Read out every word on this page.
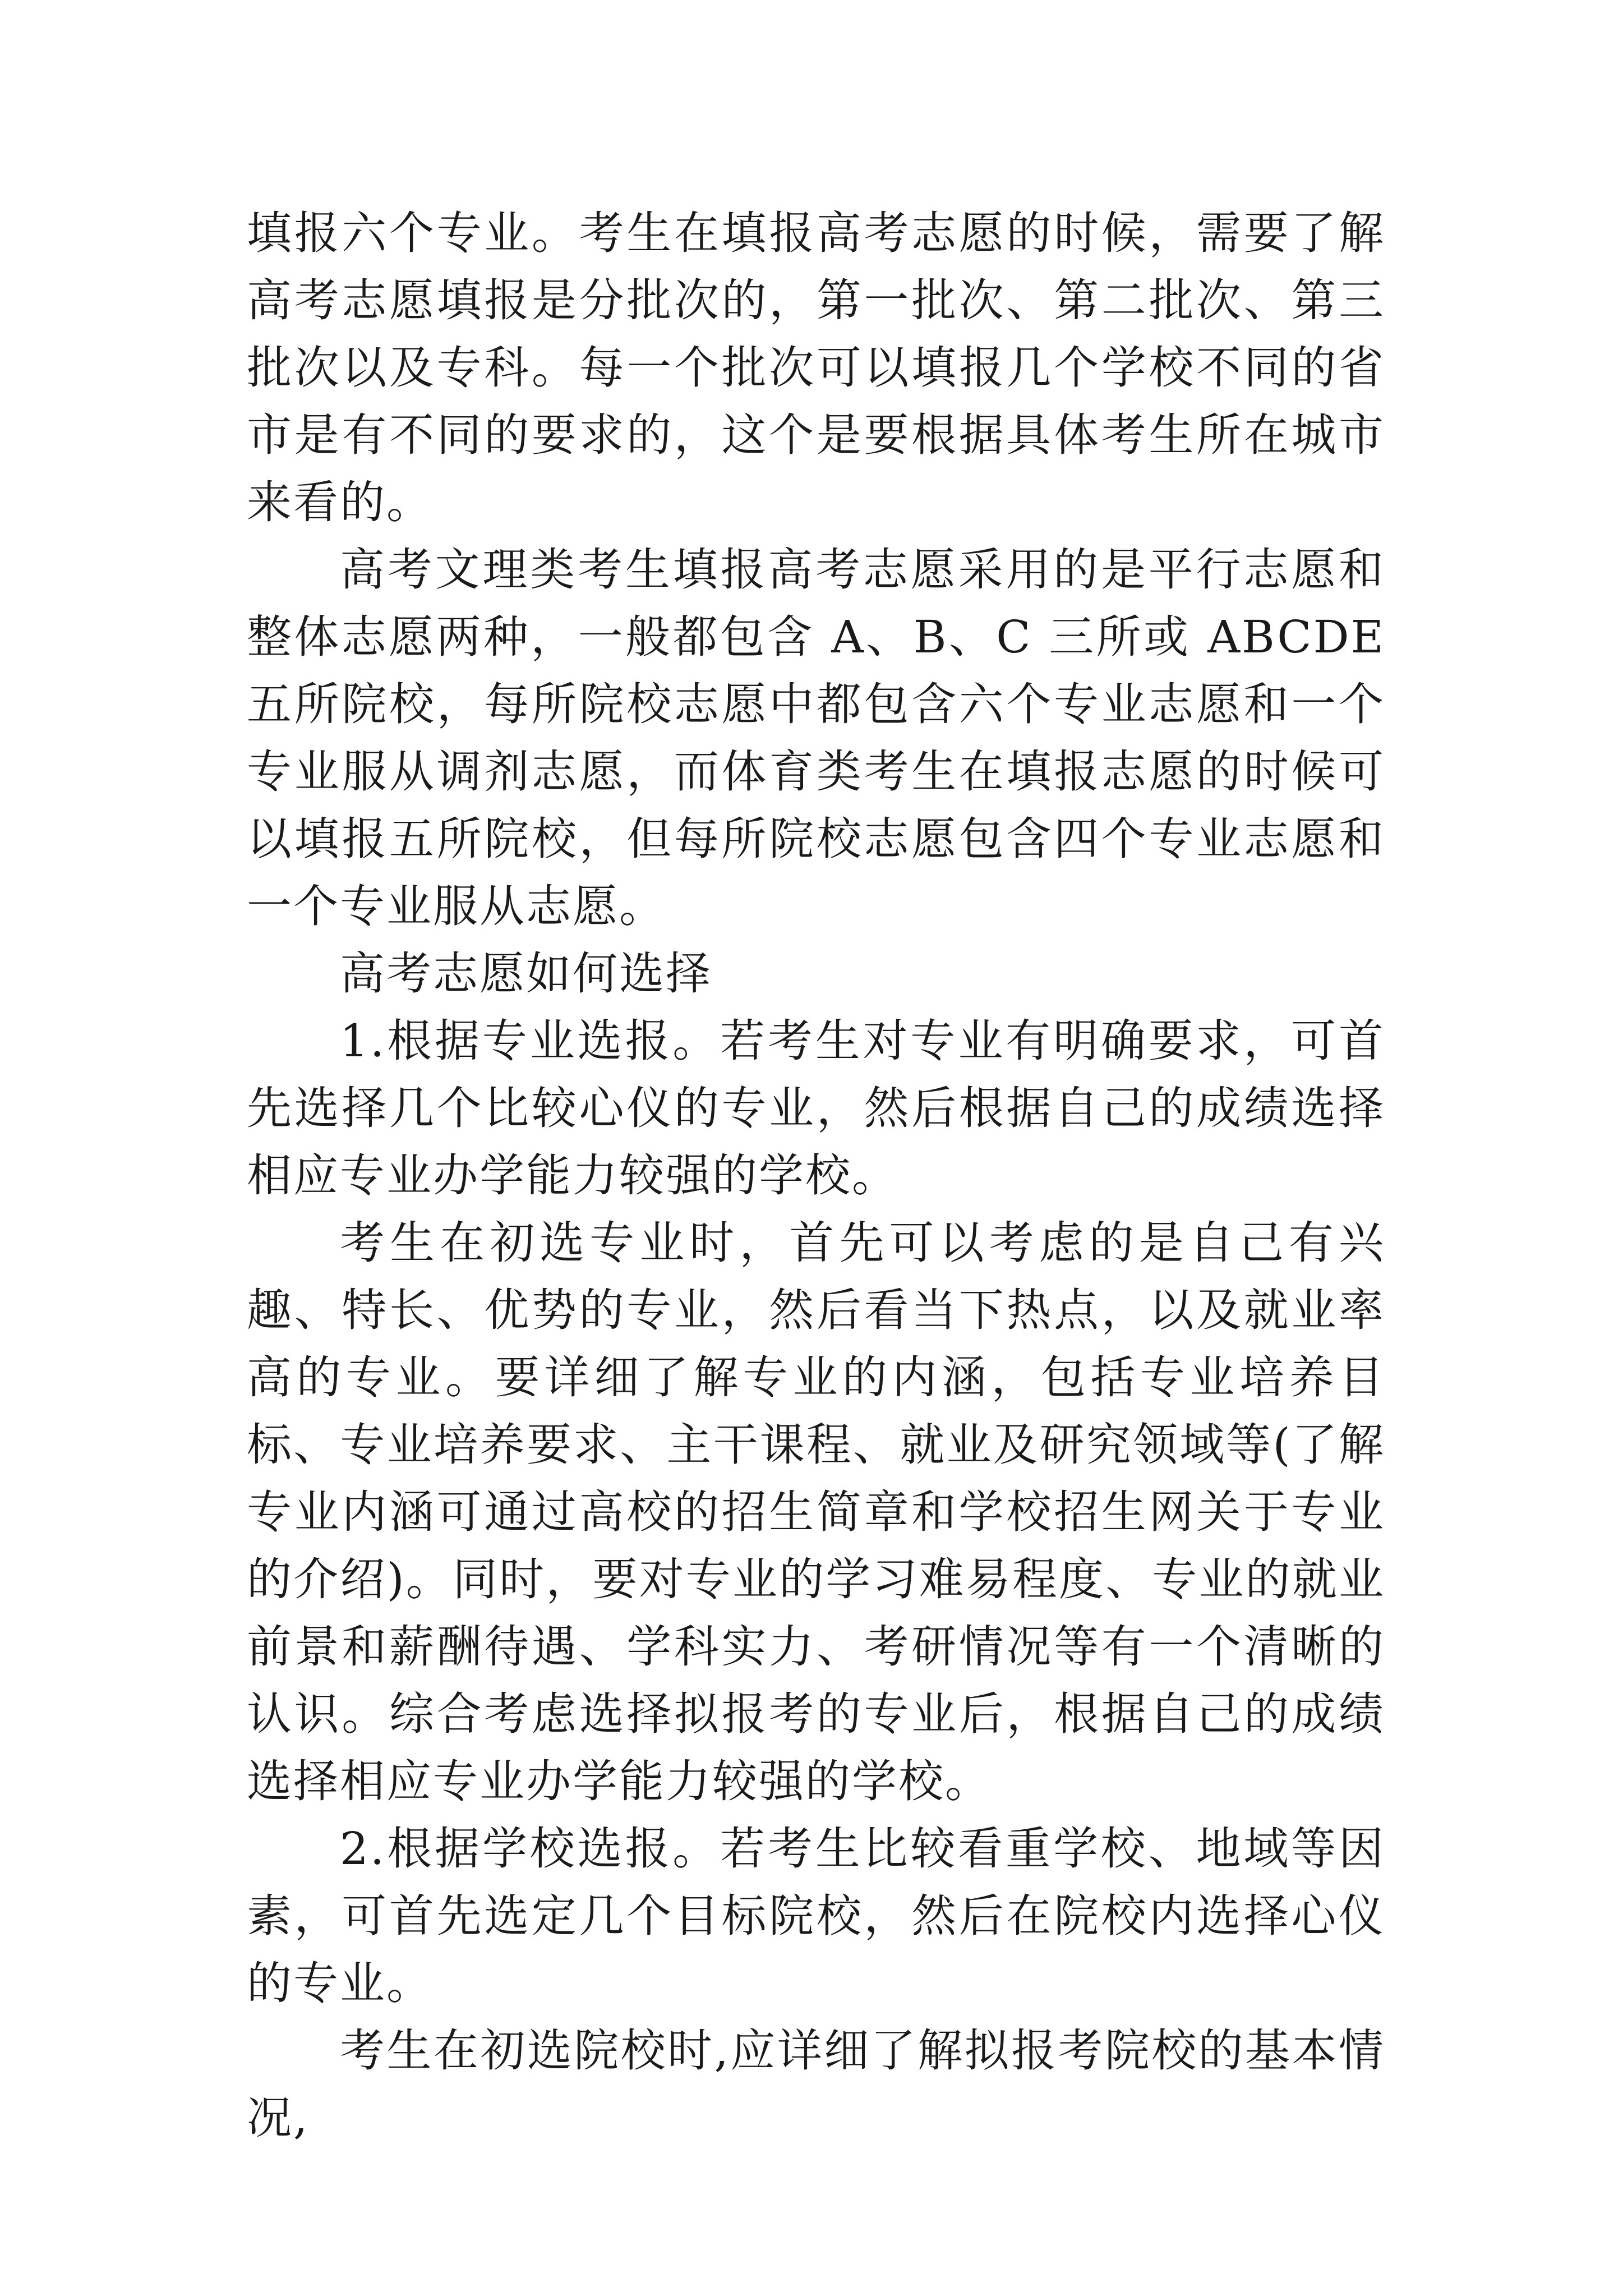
填报六个专业。考生在填报高考志愿的时候，需要了解高考志愿填报是分批次的，第一批次、第二批次、第三批次以及专科。每一个批次可以填报几个学校不同的省市是有不同的要求的，这个是要根据具体考生所在城市来看的。

高考文理类考生填报高考志愿采用的是平行志愿和整体志愿两种，一般都包含 A、B、C 三所或 ABCDE 五所院校，每所院校志愿中都包含六个专业志愿和一个专业服从调剂志愿，而体育类考生在填报志愿的时候可以填报五所院校，但每所院校志愿包含四个专业志愿和一个专业服从志愿。

高考志愿如何选择

1.根据专业选报。若考生对专业有明确要求，可首先选择几个比较心仪的专业，然后根据自己的成绩选择相应专业办学能力较强的学校。

考生在初选专业时，首先可以考虑的是自己有兴趣、特长、优势的专业，然后看当下热点，以及就业率高的专业。要详细了解专业的内涵，包括专业培养目标、专业培养要求、主干课程、就业及研究领域等(了解专业内涵可通过高校的招生简章和学校招生网关于专业的介绍)。同时，要对专业的学习难易程度、专业的就业前景和薪酬待遇、学科实力、考研情况等有一个清晰的认识。综合考虑选择拟报考的专业后，根据自己的成绩选择相应专业办学能力较强的学校。

2.根据学校选报。若考生比较看重学校、地域等因素，可首先选定几个目标院校，然后在院校内选择心仪的专业。

考生在初选院校时,应详细了解拟报考院校的基本情况,
